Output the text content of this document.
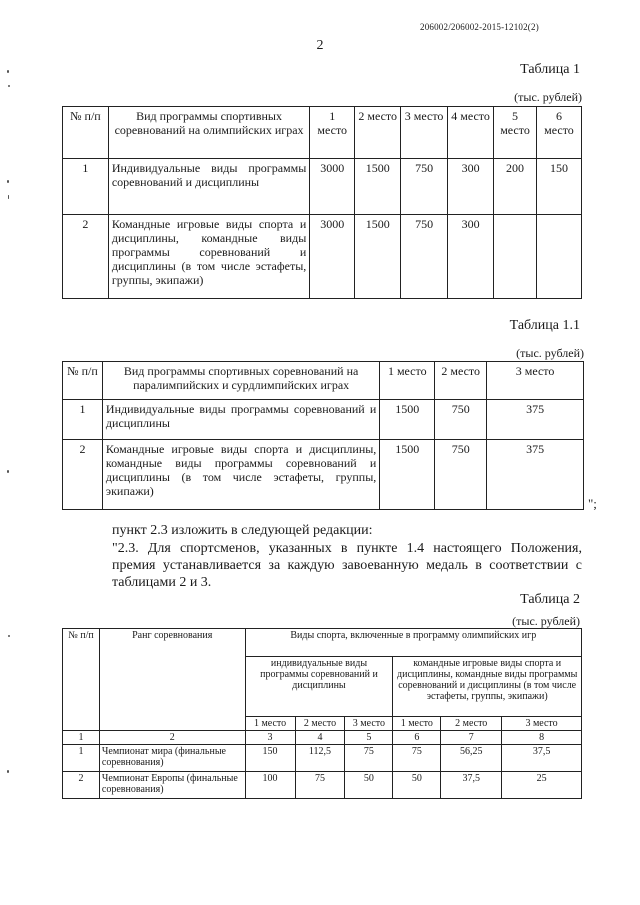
206002/206002-2015-12102(2)
2
Таблица 1
(тыс. рублей)
№ п/п	Вид программы спортивных соревнований на олимпийских играх	1 место	2 место	3 место	4 место	5 место	6 место
1	Индивидуальные виды программы соревнований и дисциплины	3000	1500	750	300	200	150
2	Командные игровые виды спорта и дисциплины, командные виды программы соревнований и дисциплины (в том числе эстафеты, группы, экипажи)	3000	1500	750	300		
Таблица 1.1
(тыс. рублей)
№ п/п	Вид программы спортивных соревнований на паралимпийских и сурдлимпийских играх	1 место	2 место	3 место
1	Индивидуальные виды программы соревнований и дисциплины	1500	750	375
2	Командные игровые виды спорта и дисциплины, командные виды программы соревнований и дисциплины (в том числе эстафеты, группы, экипажи)	1500	750	375
";
пункт 2.3 изложить в следующей редакции:
"2.3. Для спортсменов, указанных в пункте 1.4 настоящего Положения, премия устанавливается за каждую завоеванную медаль в соответствии с таблицами 2 и 3.
Таблица 2
(тыс. рублей)
№ п/п	Ранг соревнования	Виды спорта, включенные в программу олимпийских игр					
		индивидуальные виды программы соревнований и дисциплины			командные игровые виды спорта и дисциплины, командные виды программы соревнований и дисциплины (в том числе эстафеты, группы, экипажи)		
		1 место	2 место	3 место	1 место	2 место	3 место
1	2	3	4	5	6	7	8
1	Чемпионат мира (финальные соревнования)	150	112,5	75	75	56,25	37,5
2	Чемпионат Европы (финальные соревнования)	100	75	50	50	37,5	25
